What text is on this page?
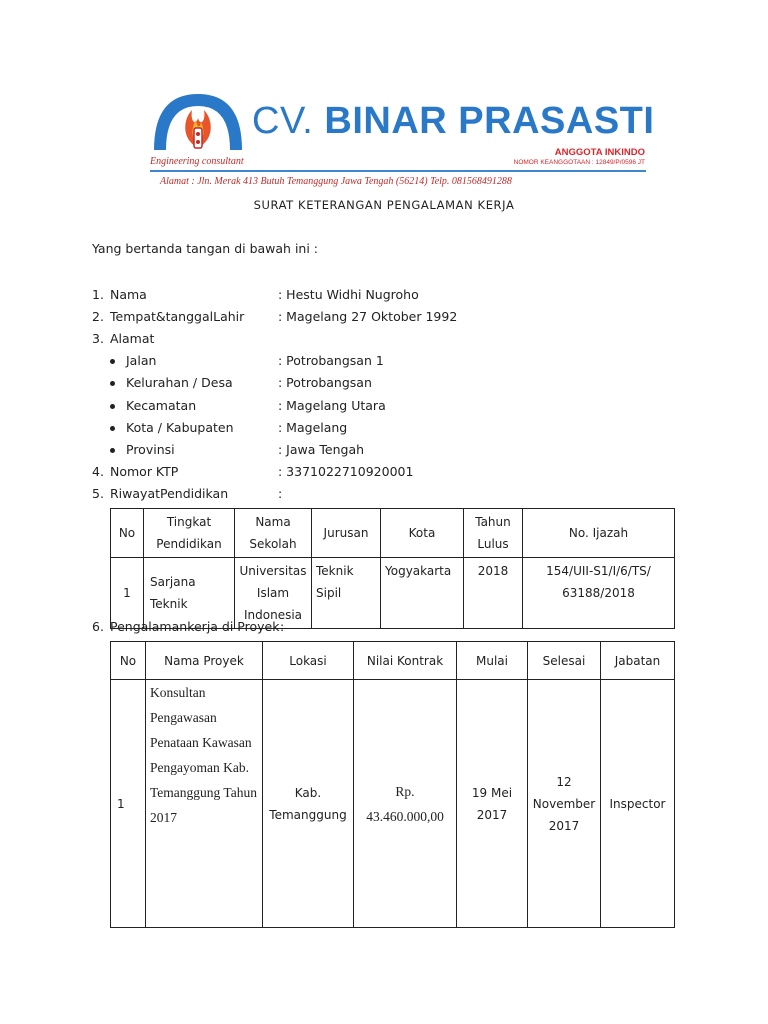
CV. BINAR PRASASTI
ANGGOTA INKINDO
NOMOR KEANGGOTAAN : 12849/P/0596 JT
Engineering consultant
Alamat : Jln. Merak 413 Butuh Temanggung Jawa Tengah (56214) Telp. 081568491288
SURAT KETERANGAN PENGALAMAN KERJA
Yang bertanda tangan di bawah ini :
1. Nama	: Hestu Widhi Nugroho
2. Tempat&tanggalLahir	: Magelang 27 Oktober 1992
3. Alamat
Jalan	: Potrobangsan 1
Kelurahan / Desa	: Potrobangsan
Kecamatan	: Magelang Utara
Kota / Kabupaten	: Magelang
Provinsi	: Jawa Tengah
4. Nomor KTP	: 3371022710920001
5. RiwayatPendidikan	:
No	Tingkat Pendidikan	Nama Sekolah	Jurusan	Kota	Tahun Lulus	No. Ijazah
1	Sarjana Teknik	Universitas Islam Indonesia	Teknik Sipil	Yogyakarta	2018	154/UII-S1/I/6/TS/ 63188/2018
6. Pengalamankerja di Proyek :
No	Nama Proyek	Lokasi	Nilai Kontrak	Mulai	Selesai	Jabatan
1	Konsultan Pengawasan Penataan Kawasan Pengayoman Kab. Temanggung Tahun 2017	Kab. Temanggung	Rp. 43.460.000,00	19 Mei 2017	12 November 2017	Inspector
